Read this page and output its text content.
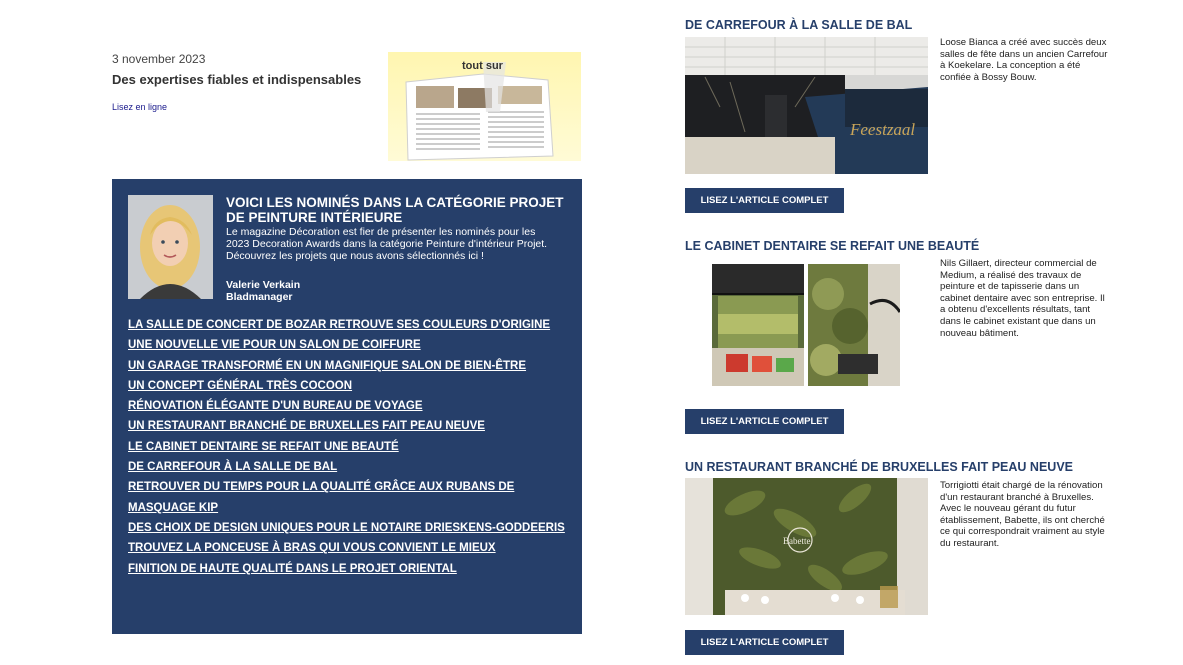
3 november 2023
Des expertises fiables et indispensables
Lisez en ligne
tout sur
VOICI LES NOMINÉS DANS LA CATÉGORIE PROJET DE PEINTURE INTÉRIEURE
Le magazine Décoration est fier de présenter les nominés pour les 2023 Decoration Awards dans la catégorie Peinture d'intérieur Projet. Découvrez les projets que nous avons sélectionnés ici !
Valerie Verkain
Bladmanager
LA SALLE DE CONCERT DE BOZAR RETROUVE SES COULEURS D'ORIGINE
UNE NOUVELLE VIE POUR UN SALON DE COIFFURE
UN GARAGE TRANSFORMÉ EN UN MAGNIFIQUE SALON DE BIEN-ÊTRE
UN CONCEPT GÉNÉRAL TRÈS COCOON
RÉNOVATION ÉLÉGANTE D'UN BUREAU DE VOYAGE
UN RESTAURANT BRANCHÉ DE BRUXELLES FAIT PEAU NEUVE
LE CABINET DENTAIRE SE REFAIT UNE BEAUTÉ
DE CARREFOUR À LA SALLE DE BAL
RETROUVER DU TEMPS POUR LA QUALITÉ GRÂCE AUX RUBANS DE MASQUAGE KIP
DES CHOIX DE DESIGN UNIQUES POUR LE NOTAIRE DRIESKENS-GODDEERIS
TROUVEZ LA PONCEUSE À BRAS QUI VOUS CONVIENT LE MIEUX
FINITION DE HAUTE QUALITÉ DANS LE PROJET ORIENTAL
DE CARREFOUR À LA SALLE DE BAL
Feestzaal
Loose Bianca a créé avec succès deux salles de fête dans un ancien Carrefour à Koekelare. La conception a été confiée à Bossy Bouw.
LISEZ L'ARTICLE COMPLET
LE CABINET DENTAIRE SE REFAIT UNE BEAUTÉ
Nils Gillaert, directeur commercial de Medium, a réalisé des travaux de peinture et de tapisserie dans un cabinet dentaire avec son entreprise. Il a obtenu d'excellents résultats, tant dans le cabinet existant que dans un nouveau bâtiment.
LISEZ L'ARTICLE COMPLET
UN RESTAURANT BRANCHÉ DE BRUXELLES FAIT PEAU NEUVE
Babette
Torrigiotti était chargé de la rénovation d'un restaurant branché à Bruxelles. Avec le nouveau gérant du futur établissement, Babette, ils ont cherché ce qui correspondrait vraiment au style du restaurant.
LISEZ L'ARTICLE COMPLET
